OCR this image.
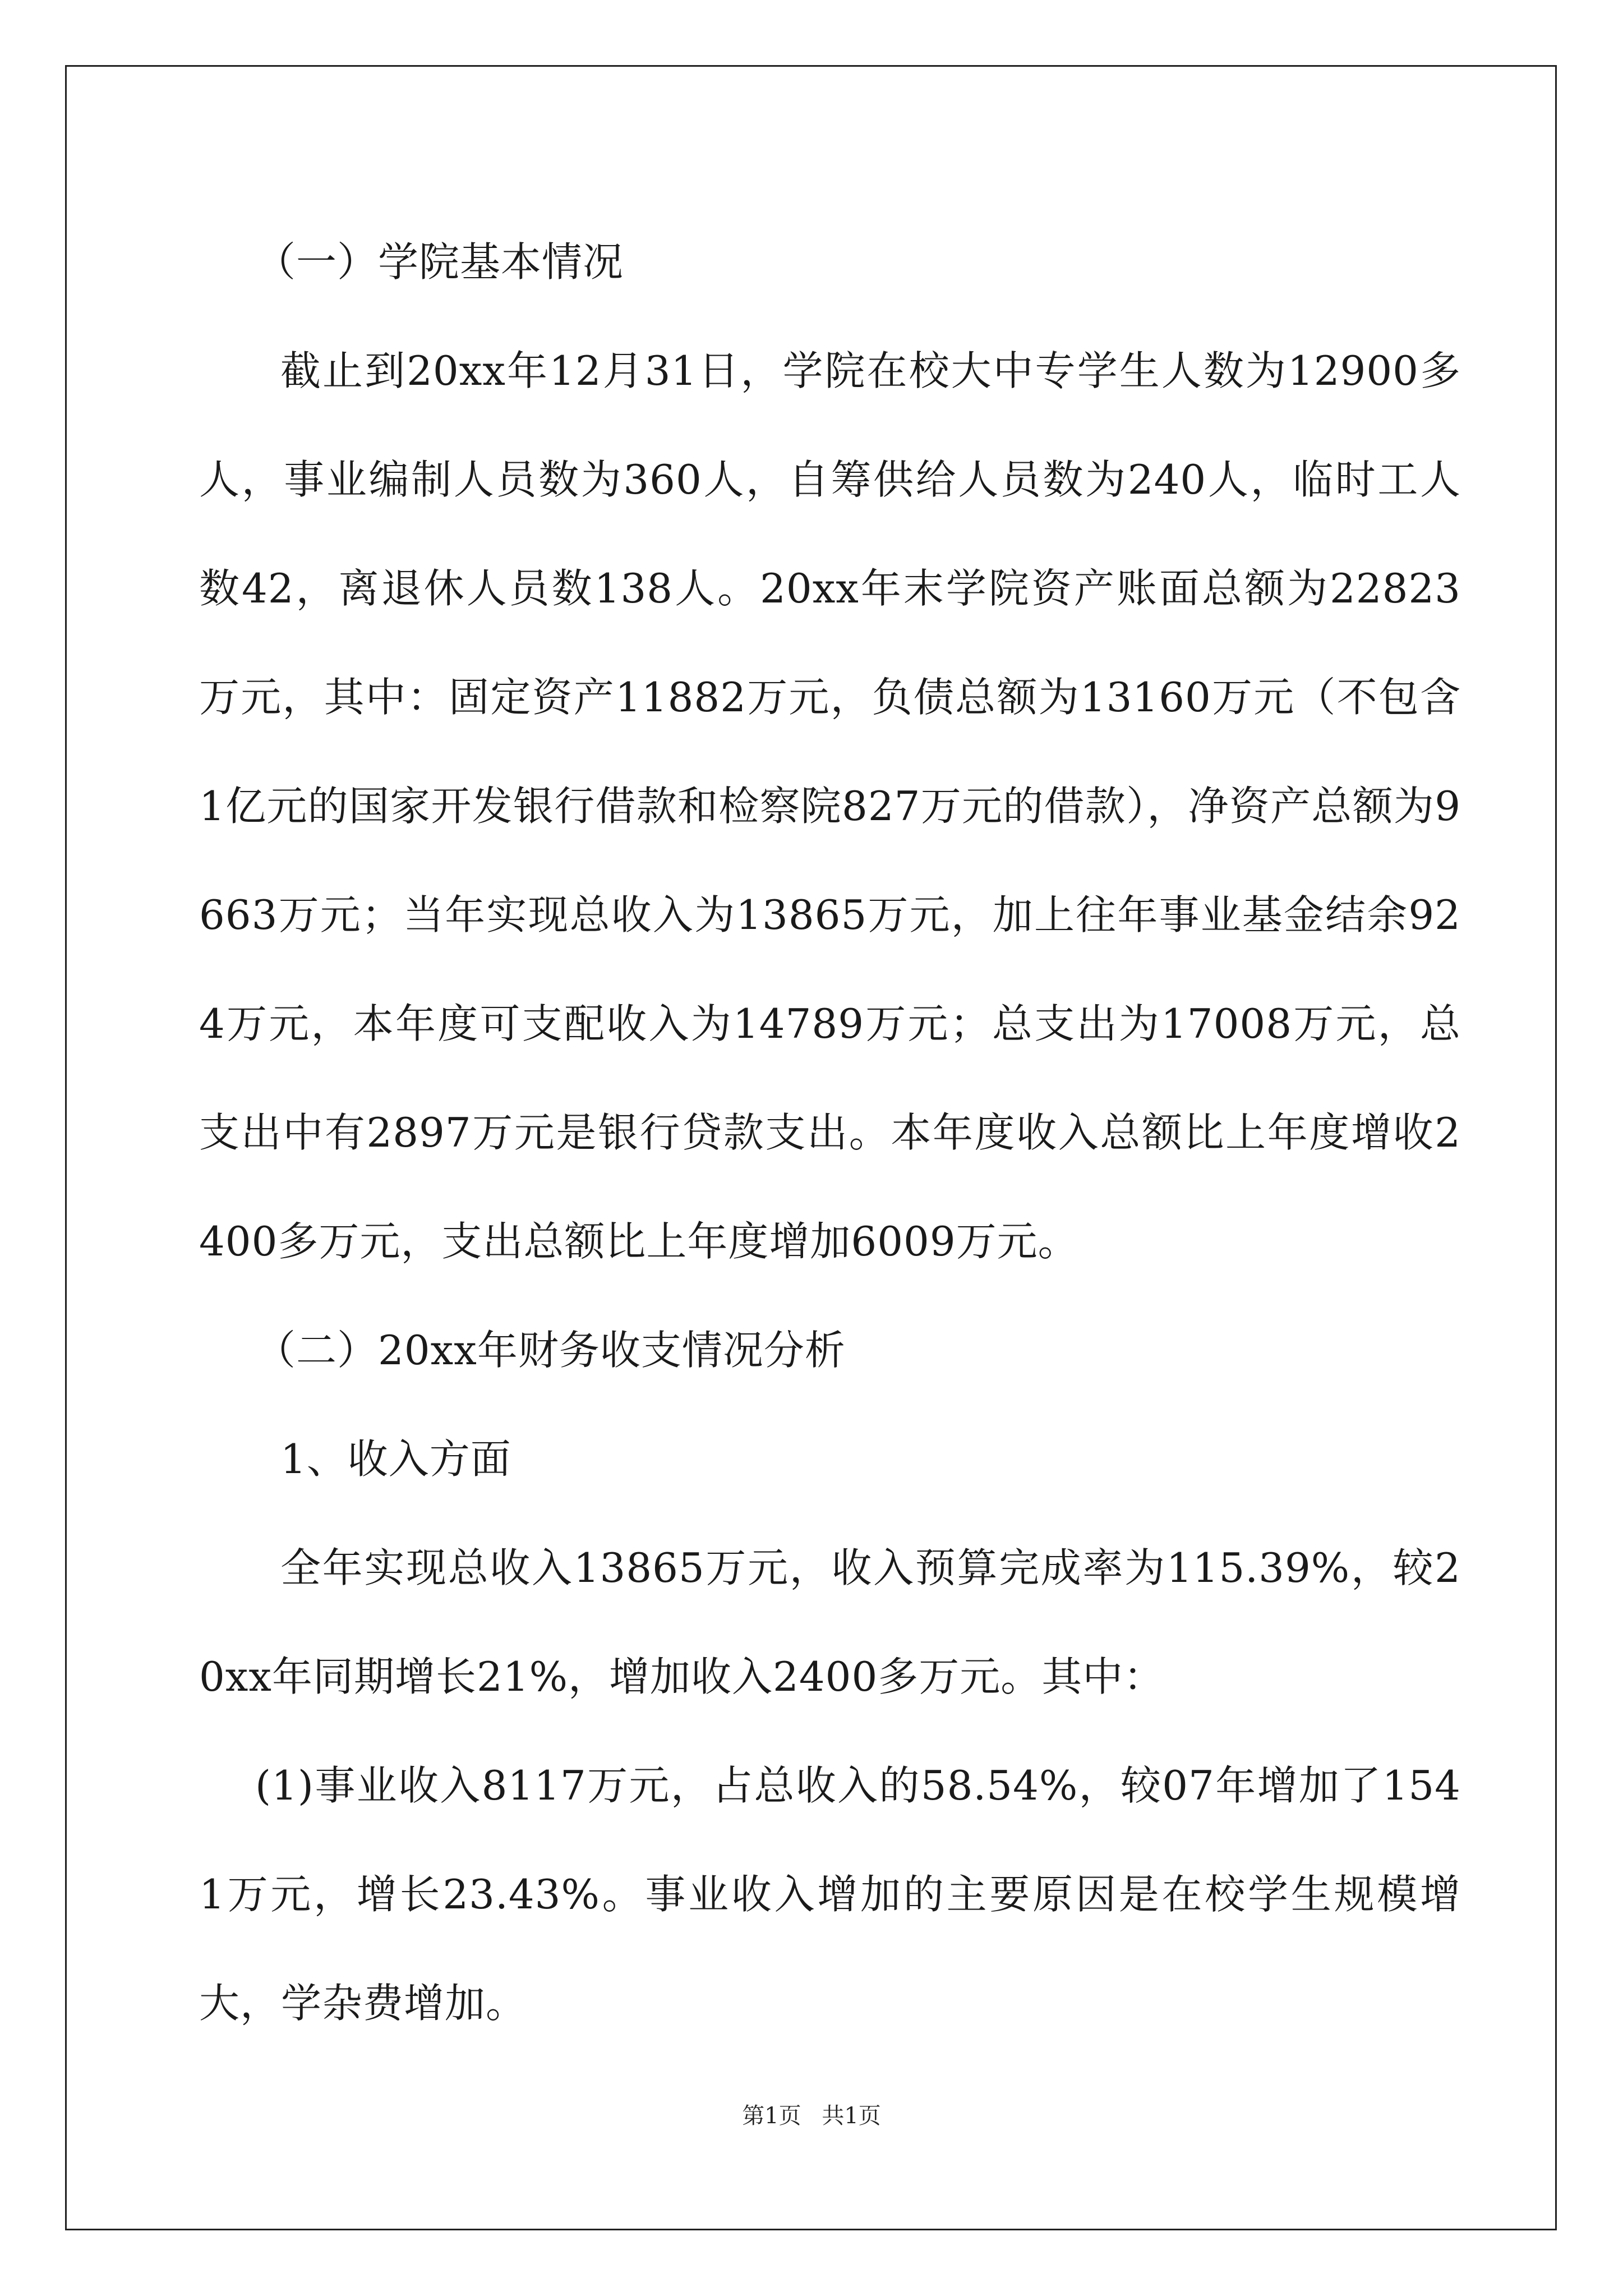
（一）学院基本情况

截止到20xx年12月31日，学院在校大中专学生人数为12900多人，事业编制人员数为360人，自筹供给人员数为240人，临时工人数42，离退休人员数138人。20xx年末学院资产账面总额为22823万元，其中：固定资产11882万元，负债总额为13160万元（不包含1亿元的国家开发银行借款和检察院827万元的借款），净资产总额为9663万元；当年实现总收入为13865万元，加上往年事业基金结余924万元，本年度可支配收入为14789万元；总支出为17008万元，总支出中有2897万元是银行贷款支出。本年度收入总额比上年度增收2400多万元，支出总额比上年度增加6009万元。

（二）20xx年财务收支情况分析

1、收入方面

全年实现总收入13865万元，收入预算完成率为115.39%，较20xx年同期增长21%，增加收入2400多万元。其中：

(1)事业收入8117万元，占总收入的58.54%，较07年增加了1541万元，增长23.43%。事业收入增加的主要原因是在校学生规模增大，学杂费增加。

第1页 共1页
